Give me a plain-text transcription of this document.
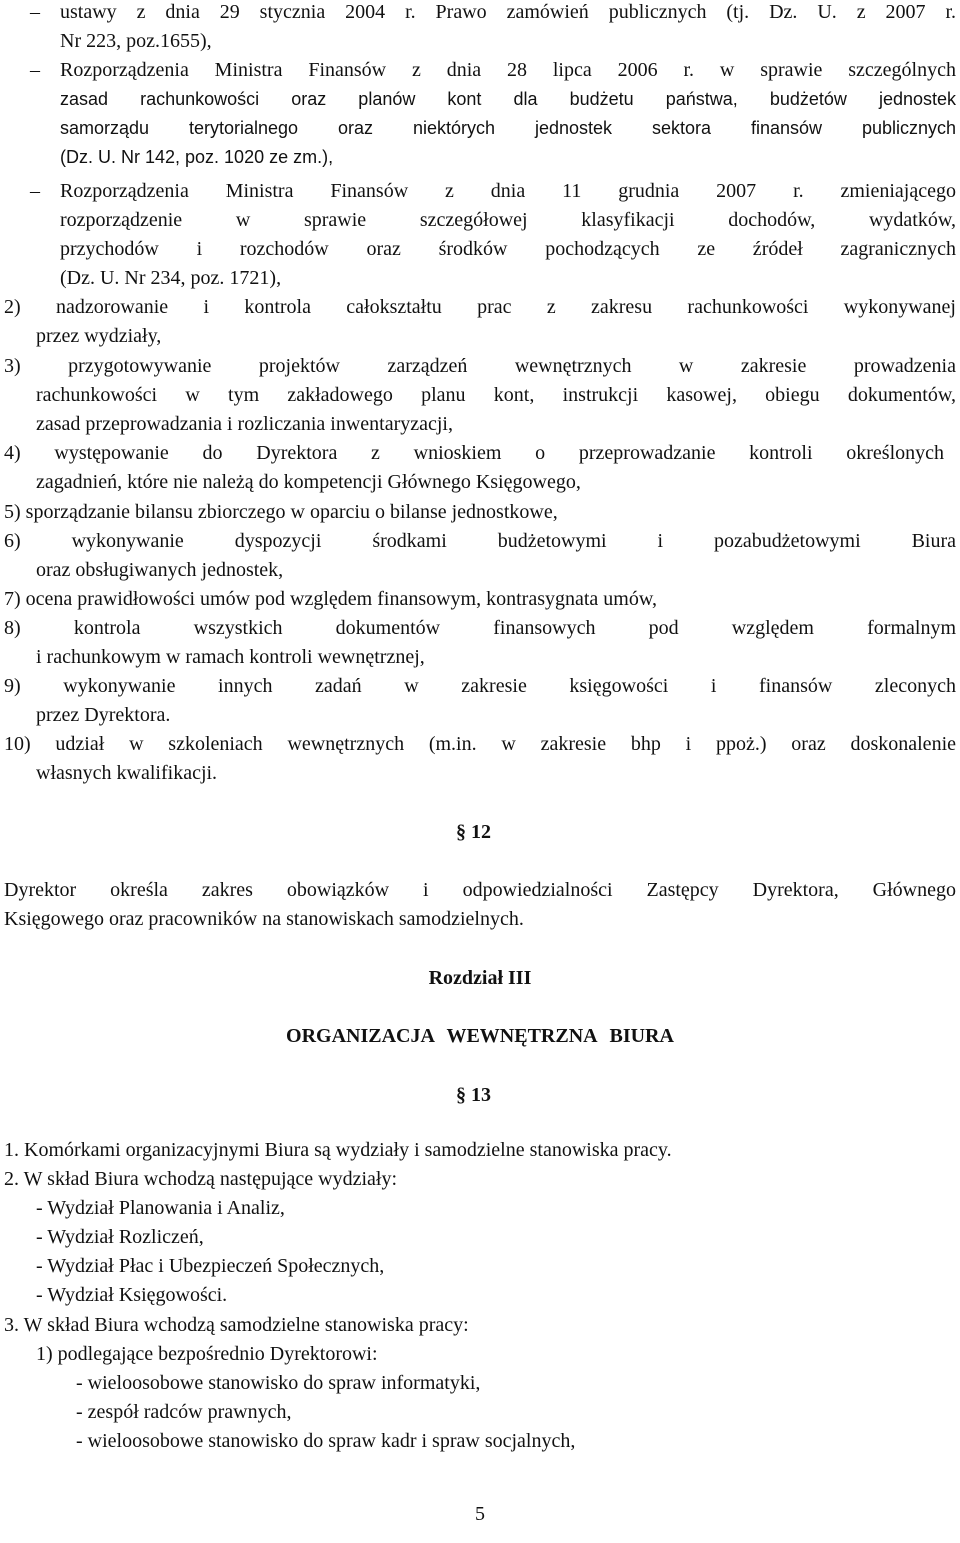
– ustawy z dnia 29 stycznia 2004 r. Prawo zamówień publicznych (tj. Dz. U. z 2007 r.
Nr 223, poz.1655),
– Rozporządzenia Ministra Finansów z dnia 28 lipca 2006 r. w sprawie szczególnych
zasad rachunkowości oraz planów kont dla budżetu państwa, budżetów jednostek
samorządu terytorialnego oraz niektórych jednostek sektora finansów publicznych
(Dz. U. Nr 142, poz. 1020 ze zm.),
– Rozporządzenia Ministra Finansów z dnia 11 grudnia 2007 r. zmieniającego
rozporządzenie w sprawie szczegółowej klasyfikacji dochodów, wydatków,
przychodów i rozchodów oraz środków pochodzących ze źródeł zagranicznych
(Dz. U. Nr 234, poz. 1721),
2) nadzorowanie i kontrola całokształtu prac z zakresu rachunkowości wykonywanej
przez wydziały,
3) przygotowywanie projektów zarządzeń wewnętrznych w zakresie prowadzenia
rachunkowości w tym zakładowego planu kont, instrukcji kasowej, obiegu dokumentów,
zasad przeprowadzania i rozliczania inwentaryzacji,
4) występowanie do Dyrektora z wnioskiem o przeprowadzanie kontroli określonych
zagadnień, które nie należą do kompetencji Głównego Księgowego,
5) sporządzanie bilansu zbiorczego w oparciu o bilanse jednostkowe,
6) wykonywanie dyspozycji środkami budżetowymi i pozabudżetowymi Biura
oraz obsługiwanych jednostek,
7) ocena prawidłowości umów pod względem finansowym, kontrasygnata umów,
8) kontrola wszystkich dokumentów finansowych pod względem formalnym
i rachunkowym w ramach kontroli wewnętrznej,
9) wykonywanie innych zadań w zakresie księgowości i finansów zleconych
przez Dyrektora.
10) udział w szkoleniach wewnętrznych (m.in. w zakresie bhp i ppoż.) oraz doskonalenie
własnych kwalifikacji.
§ 12
Dyrektor określa zakres obowiązków i odpowiedzialności Zastępcy Dyrektora, Głównego
Księgowego oraz pracowników na stanowiskach samodzielnych.
Rozdział III
ORGANIZACJA WEWNĘTRZNA BIURA
§ 13
1. Komórkami organizacyjnymi Biura są wydziały i samodzielne stanowiska pracy.
2. W skład Biura wchodzą następujące wydziały:
- Wydział Planowania i Analiz,
- Wydział Rozliczeń,
- Wydział Płac i Ubezpieczeń Społecznych,
- Wydział Księgowości.
3. W skład Biura wchodzą samodzielne stanowiska pracy:
1) podlegające bezpośrednio Dyrektorowi:
- wieloosobowe stanowisko do spraw informatyki,
- zespół radców prawnych,
- wieloosobowe stanowisko do spraw kadr i spraw socjalnych,
5
